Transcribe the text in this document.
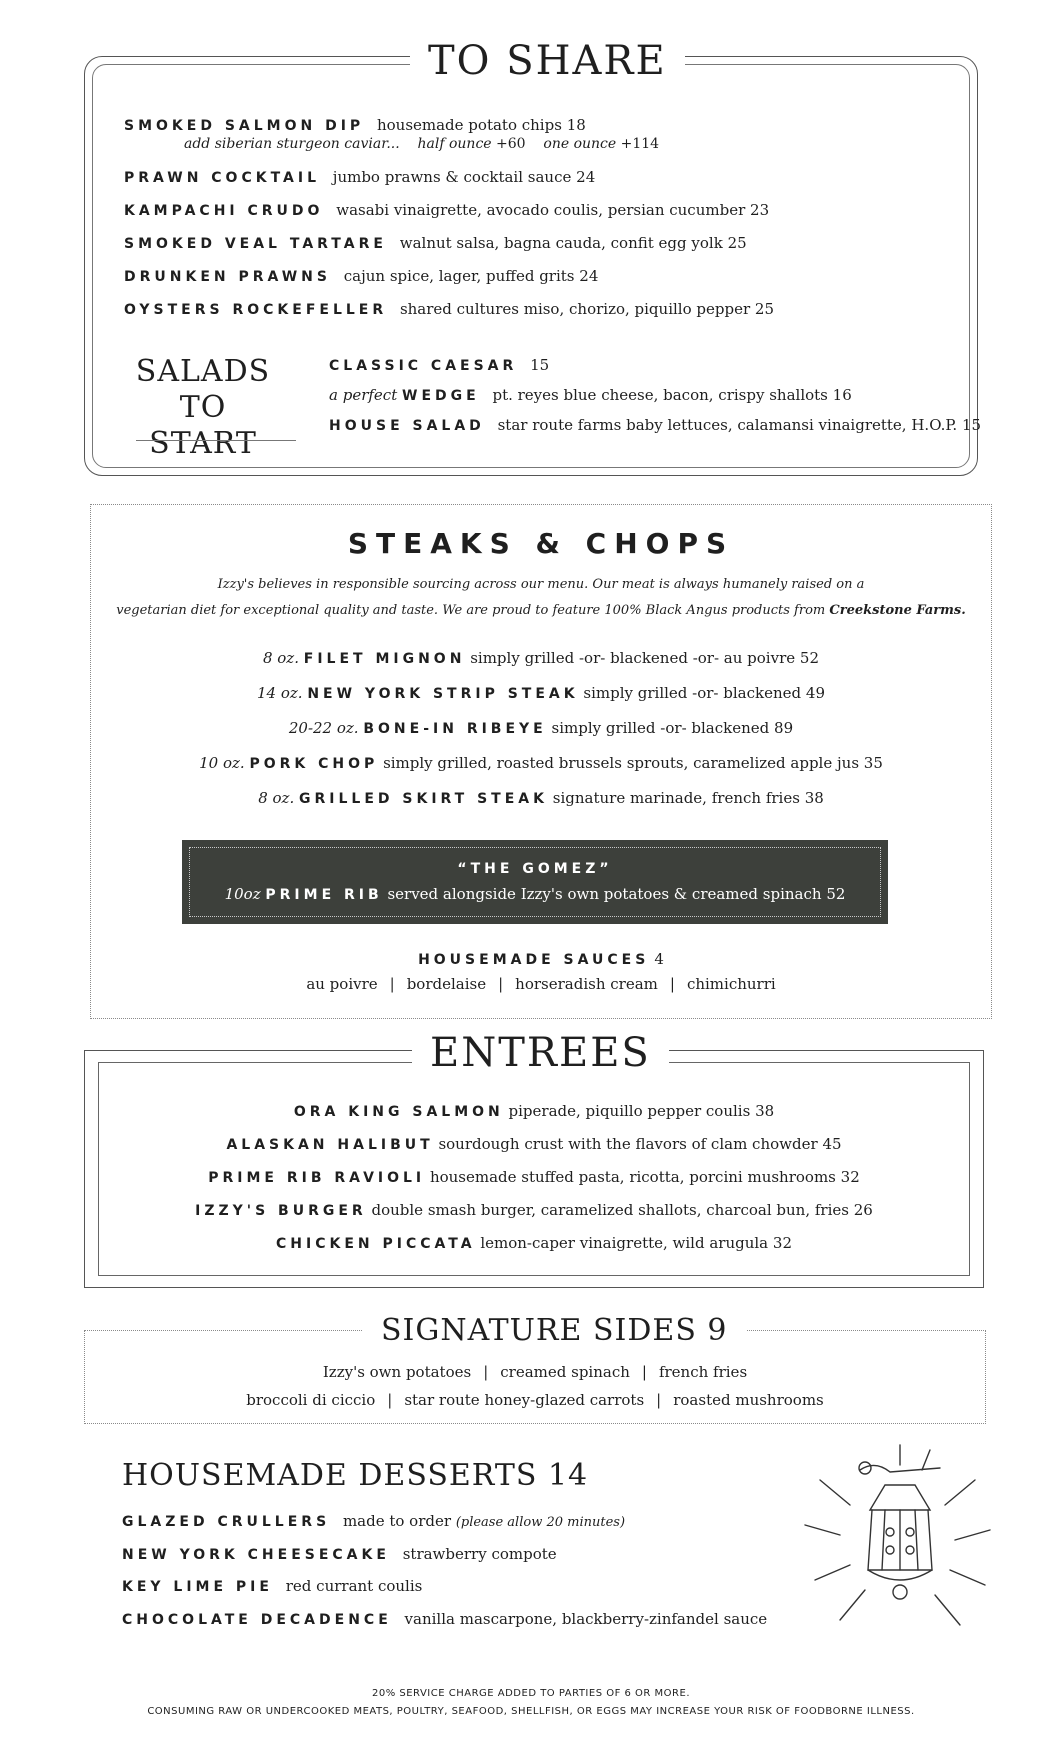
TO SHARE
SMOKED SALMON DIP housemade potato chips 18
add siberian sturgeon caviar... half ounce +60 one ounce +114
PRAWN COCKTAIL jumbo prawns & cocktail sauce 24
KAMPACHI CRUDO wasabi vinaigrette, avocado coulis, persian cucumber 23
SMOKED VEAL TARTARE walnut salsa, bagna cauda, confit egg yolk 25
DRUNKEN PRAWNS cajun spice, lager, puffed grits 24
OYSTERS ROCKEFELLER shared cultures miso, chorizo, piquillo pepper 25
SALADS
TO START
CLASSIC CAESAR 15
a perfect WEDGE pt. reyes blue cheese, bacon, crispy shallots 16
HOUSE SALAD star route farms baby lettuces, calamansi vinaigrette, H.O.P. 15
STEAKS & CHOPS
Izzy's believes in responsible sourcing across our menu. Our meat is always humanely raised on a
vegetarian diet for exceptional quality and taste. We are proud to feature 100% Black Angus products from Creekstone Farms.
8 oz. FILET MIGNON simply grilled -or- blackened -or- au poivre 52
14 oz. NEW YORK STRIP STEAK simply grilled -or- blackened 49
20-22 oz. BONE-IN RIBEYE simply grilled -or- blackened 89
10 oz. PORK CHOP simply grilled, roasted brussels sprouts, caramelized apple jus 35
8 oz. GRILLED SKIRT STEAK signature marinade, french fries 38
“THE GOMEZ”
10oz PRIME RIB served alongside Izzy's own potatoes & creamed spinach 52
HOUSEMADE SAUCES 4
au poivre | bordelaise | horseradish cream | chimichurri
ENTREES
ORA KING SALMON piperade, piquillo pepper coulis 38
ALASKAN HALIBUT sourdough crust with the flavors of clam chowder 45
PRIME RIB RAVIOLI housemade stuffed pasta, ricotta, porcini mushrooms 32
IZZY'S BURGER double smash burger, caramelized shallots, charcoal bun, fries 26
CHICKEN PICCATA lemon-caper vinaigrette, wild arugula 32
SIGNATURE SIDES 9
Izzy's own potatoes | creamed spinach | french fries
broccoli di ciccio | star route honey-glazed carrots | roasted mushrooms
HOUSEMADE DESSERTS 14
GLAZED CRULLERS made to order (please allow 20 minutes)
NEW YORK CHEESECAKE strawberry compote
KEY LIME PIE red currant coulis
CHOCOLATE DECADENCE vanilla mascarpone, blackberry-zinfandel sauce
20% SERVICE CHARGE ADDED TO PARTIES OF 6 OR MORE.
CONSUMING RAW OR UNDERCOOKED MEATS, POULTRY, SEAFOOD, SHELLFISH, OR EGGS MAY INCREASE YOUR RISK OF FOODBORNE ILLNESS.
